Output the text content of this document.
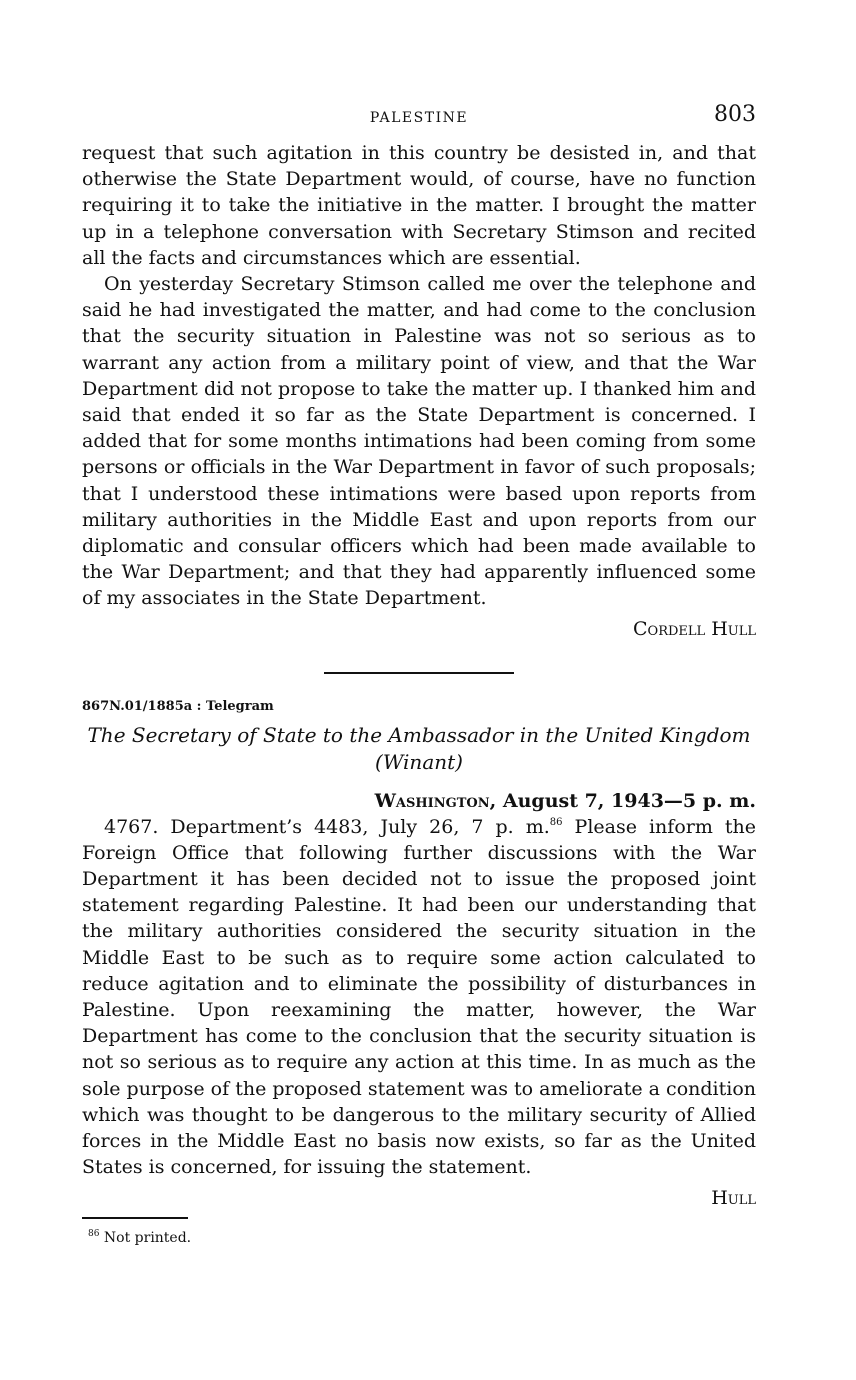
PALESTINE	803

request that such agitation in this country be desisted in, and that otherwise the State Department would, of course, have no function requiring it to take the initiative in the matter. I brought the matter up in a telephone conversation with Secretary Stimson and recited all the facts and circumstances which are essential.

On yesterday Secretary Stimson called me over the telephone and said he had investigated the matter, and had come to the conclusion that the security situation in Palestine was not so serious as to warrant any action from a military point of view, and that the War Department did not propose to take the matter up. I thanked him and said that ended it so far as the State Department is concerned. I added that for some months intimations had been coming from some persons or officials in the War Department in favor of such proposals; that I understood these intimations were based upon reports from military authorities in the Middle East and upon reports from our diplomatic and consular officers which had been made available to the War Department; and that they had apparently influenced some of my associates in the State Department.

Cordell Hull
867N.01/1885a : Telegram
The Secretary of State to the Ambassador in the United Kingdom
(Winant)
Washington, August 7, 1943—5 p. m.

4767. Department’s 4483, July 26, 7 p. m.$^{86}$ Please inform the Foreign Office that following further discussions with the War Department it has been decided not to issue the proposed joint statement regarding Palestine. It had been our understanding that the military authorities considered the security situation in the Middle East to be such as to require some action calculated to reduce agitation and to eliminate the possibility of disturbances in Palestine. Upon reexamining the matter, however, the War Department has come to the conclusion that the security situation is not so serious as to require any action at this time. In as much as the sole purpose of the proposed statement was to ameliorate a condition which was thought to be dangerous to the military security of Allied forces in the Middle East no basis now exists, so far as the United States is concerned, for issuing the statement.

Hull
$^{86}$ Not printed.
